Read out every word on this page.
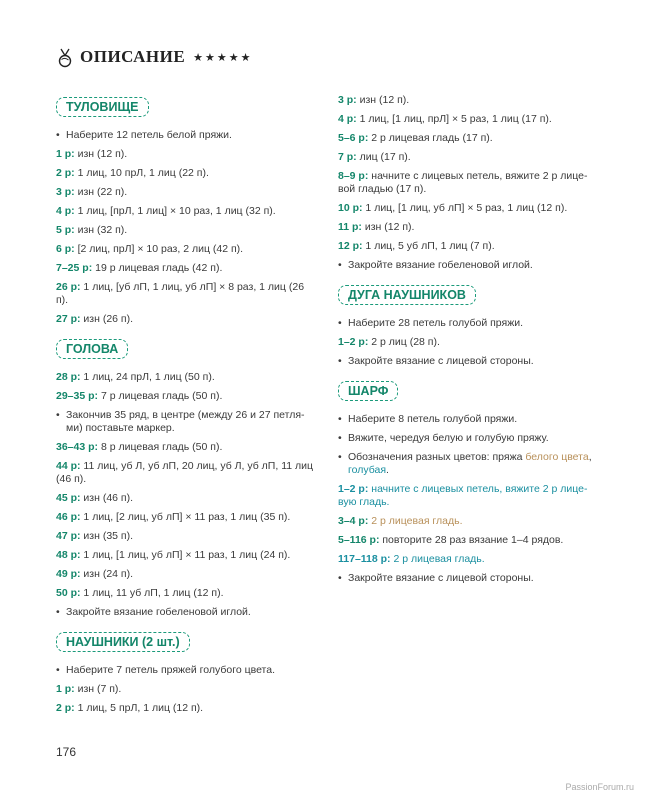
ОПИСАНИЕ ★★★★★
ТУЛОВИЩЕ
• Наберите 12 петель белой пряжи.
1 р: изн (12 п).
2 р: 1 лиц, 10 прЛ, 1 лиц (22 п).
3 р: изн (22 п).
4 р: 1 лиц, [прЛ, 1 лиц] × 10 раз, 1 лиц (32 п).
5 р: изн (32 п).
6 р: [2 лиц, прЛ] × 10 раз, 2 лиц (42 п).
7–25 р: 19 р лицевая гладь (42 п).
26 р: 1 лиц, [уб лП, 1 лиц, уб лП] × 8 раз, 1 лиц (26 п).
27 р: изн (26 п).
ГОЛОВА
28 р: 1 лиц, 24 прЛ, 1 лиц (50 п).
29–35 р: 7 р лицевая гладь (50 п).
• Закончив 35 ряд, в центре (между 26 и 27 петля-ми) поставьте маркер.
36–43 р: 8 р лицевая гладь (50 п).
44 р: 11 лиц, уб Л, уб лП, 20 лиц, уб Л, уб лП, 11 лиц (46 п).
45 р: изн (46 п).
46 р: 1 лиц, [2 лиц, уб лП] × 11 раз, 1 лиц (35 п).
47 р: изн (35 п).
48 р: 1 лиц, [1 лиц, уб лП] × 11 раз, 1 лиц (24 п).
49 р: изн (24 п).
50 р: 1 лиц, 11 уб лП, 1 лиц (12 п).
• Закройте вязание гобеленовой иглой.
НАУШНИКИ (2 шт.)
• Наберите 7 петель пряжей голубого цвета.
1 р: изн (7 п).
2 р: 1 лиц, 5 прЛ, 1 лиц (12 п).
3 р: изн (12 п).
4 р: 1 лиц, [1 лиц, прЛ] × 5 раз, 1 лиц (17 п).
5–6 р: 2 р лицевая гладь (17 п).
7 р: лиц (17 п).
8–9 р: начните с лицевых петель, вяжите 2 р лице-вой гладью (17 п).
10 р: 1 лиц, [1 лиц, уб лП] × 5 раз, 1 лиц (12 п).
11 р: изн (12 п).
12 р: 1 лиц, 5 уб лП, 1 лиц (7 п).
• Закройте вязание гобеленовой иглой.
ДУГА НАУШНИКОВ
• Наберите 28 петель голубой пряжи.
1–2 р: 2 р лиц (28 п).
• Закройте вязание с лицевой стороны.
ШАРФ
• Наберите 8 петель голубой пряжи.
• Вяжите, чередуя белую и голубую пряжу.
• Обозначения разных цветов: пряжа белого цвета, голубая.
1–2 р: начните с лицевых петель, вяжите 2 р лице-вую гладь.
3–4 р: 2 р лицевая гладь.
5–116 р: повторите 28 раз вязание 1–4 рядов.
117–118 р: 2 р лицевая гладь.
• Закройте вязание с лицевой стороны.
176
PassionForum.ru
